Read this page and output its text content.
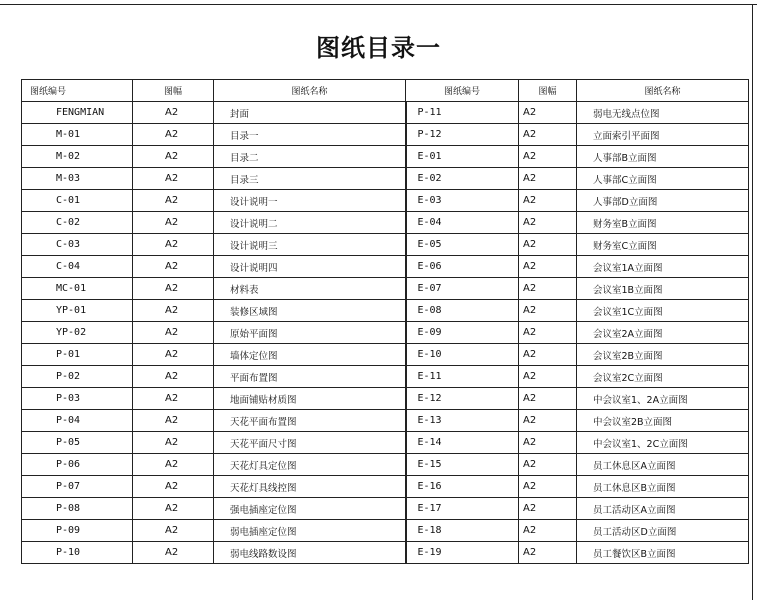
图纸目录一
图纸编号	图幅	图纸名称	图纸编号	图幅	图纸名称
FENGMIAN	A2	封面	P-11	A2	弱电无线点位图
M-01	A2	目录一	P-12	A2	立面索引平面图
M-02	A2	目录二	E-01	A2	人事部B立面图
M-03	A2	目录三	E-02	A2	人事部C立面图
C-01	A2	设计说明一	E-03	A2	人事部D立面图
C-02	A2	设计说明二	E-04	A2	财务室B立面图
C-03	A2	设计说明三	E-05	A2	财务室C立面图
C-04	A2	设计说明四	E-06	A2	会议室1A立面图
MC-01	A2	材料表	E-07	A2	会议室1B立面图
YP-01	A2	装修区域图	E-08	A2	会议室1C立面图
YP-02	A2	原始平面图	E-09	A2	会议室2A立面图
P-01	A2	墙体定位图	E-10	A2	会议室2B立面图
P-02	A2	平面布置图	E-11	A2	会议室2C立面图
P-03	A2	地面铺贴材质图	E-12	A2	中会议室1、2A立面图
P-04	A2	天花平面布置图	E-13	A2	中会议室2B立面图
P-05	A2	天花平面尺寸图	E-14	A2	中会议室1、2C立面图
P-06	A2	天花灯具定位图	E-15	A2	员工休息区A立面图
P-07	A2	天花灯具线控图	E-16	A2	员工休息区B立面图
P-08	A2	强电插座定位图	E-17	A2	员工活动区A立面图
P-09	A2	弱电插座定位图	E-18	A2	员工活动区D立面图
P-10	A2	弱电线路数设图	E-19	A2	员工餐饮区B立面图
